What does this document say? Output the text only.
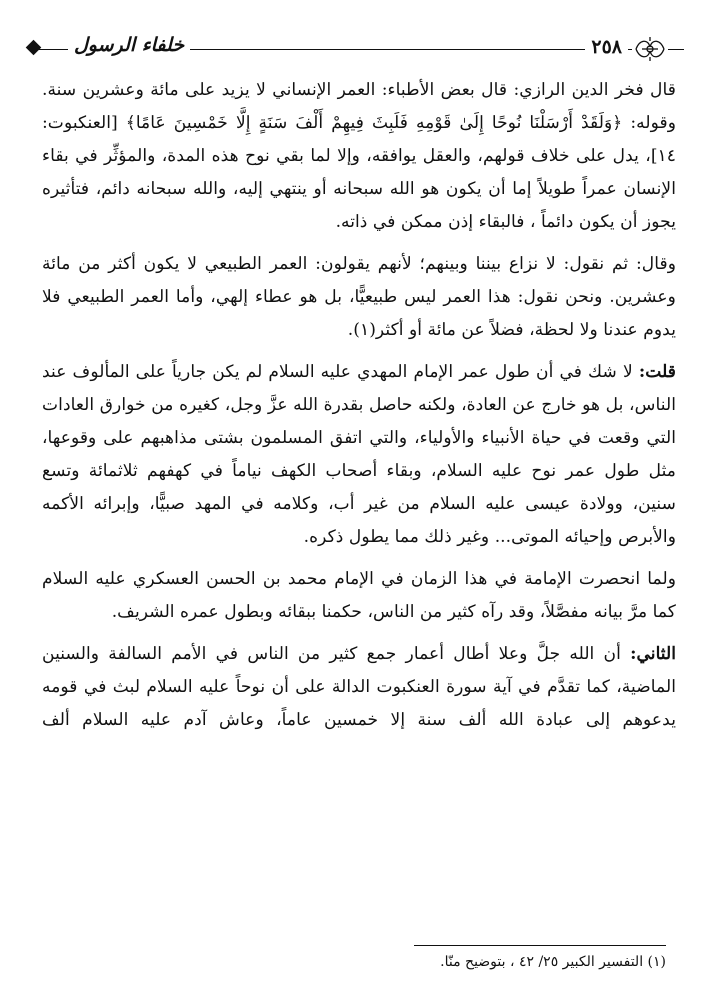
خلفاء الرسول	٢٥٨

قال فخر الدين الرازي: قال بعض الأطباء: العمر الإنساني لا يزيد على مائة وعشرين سنة. وقوله: ﴿وَلَقَدْ أَرْسَلْنَا نُوحًا إِلَىٰ قَوْمِهِ فَلَبِثَ فِيهِمْ أَلْفَ سَنَةٍ إِلَّا خَمْسِينَ عَامًا﴾ [العنكبوت: ١٤]، يدل على خلاف قولهم، والعقل يوافقه، وإلا لما بقي نوح هذه المدة، والمؤثِّر في بقاء الإنسان عمراً طويلاً إما أن يكون هو الله سبحانه أو ينتهي إليه، والله سبحانه دائم، فتأثيره يجوز أن يكون دائماً ، فالبقاء إذن ممكن في ذاته.

وقال: ثم نقول: لا نزاع بيننا وبينهم؛ لأنهم يقولون: العمر الطبيعي لا يكون أكثر من مائة وعشرين. ونحن نقول: هذا العمر ليس طبيعيًّا، بل هو عطاء إلهي، وأما العمر الطبيعي فلا يدوم عندنا ولا لحظة، فضلاً عن مائة أو أكثر(١).

قلت: لا شك في أن طول عمر الإمام المهدي عليه السلام لم يكن جارياً على المألوف عند الناس، بل هو خارج عن العادة، ولكنه حاصل بقدرة الله عزَّ وجل، كغيره من خوارق العادات التي وقعت في حياة الأنبياء والأولياء، والتي اتفق المسلمون بشتى مذاهبهم على وقوعها، مثل طول عمر نوح عليه السلام، وبقاء أصحاب الكهف نياماً في كهفهم ثلاثمائة وتسع سنين، وولادة عيسى عليه السلام من غير أب، وكلامه في المهد صبيًّا، وإبرائه الأكمه والأبرص وإحيائه الموتى... وغير ذلك مما يطول ذكره.

ولما انحصرت الإمامة في هذا الزمان في الإمام محمد بن الحسن العسكري عليه السلام كما مرَّ بيانه مفصَّلاً، وقد رآه كثير من الناس، حكمنا ببقائه وبطول عمره الشريف.

الثاني: أن الله جلَّ وعلا أطال أعمار جمع كثير من الناس في الأمم السالفة والسنين الماضية، كما تقدَّم في آية سورة العنكبوت الدالة على أن نوحاً عليه السلام لبث في قومه يدعوهم إلى عبادة الله ألف سنة إلا خمسين عاماً، وعاش آدم عليه السلام ألف

(١) التفسير الكبير ٢٥/ ٤٢ ، بتوضيح منّا.
